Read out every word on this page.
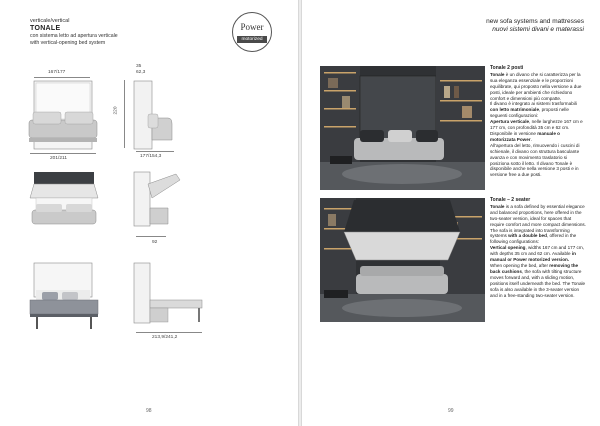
verticale/vertical
TONALE
con sistema letto ad apertura verticale
with vertical-opening bed system
Power
motorized
167/177
201/211
35
62,3
220
177/154,3
92
213,9/241,2
98
new sofa systems and mattresses
nuovi sistemi divani e materassi
Tonale 2 posti
Tonale è un divano che si caratterizza per la sua eleganza essenziale e le proporzioni equilibrate, qui proposto nella versione a due posti, ideale per ambienti che richiedono comfort e dimensioni più compatte.
Il divano è integrato ai sistemi trasformabili con letto matrimoniale, proposti nelle seguenti configurazioni:
Apertura verticale, nelle larghezze 167 cm e 177 cm, con profondità 35 cm e 62 cm. Disponibile in versione manuale o motorizzata Power.
All'apertura del letto, rimuovendo i cuscini di schienale, il divano con struttura basculante avanza e con movimento traslatorio si posiziona sotto il letto. Il divano Tonale è disponibile anche nella versione 3 posti e in versione free a due posti.
Tonale – 2 seater
Tonale is a sofa defined by essential elegance and balanced proportions, here offered in the two-seater version, ideal for spaces that require comfort and more compact dimensions.
The sofa is integrated into transforming systems with a double bed, offered in the following configurations:
Vertical opening, widths 167 cm and 177 cm, with depths 35 cm and 62 cm. Available in manual or Power motorized version.
When opening the bed, after removing the back cushions, the sofa with tilting structure moves forward and, with a sliding motion, positions itself underneath the bed. The Tonale sofa is also available in the 3-seater version and in a free-standing two-seater version.
99
